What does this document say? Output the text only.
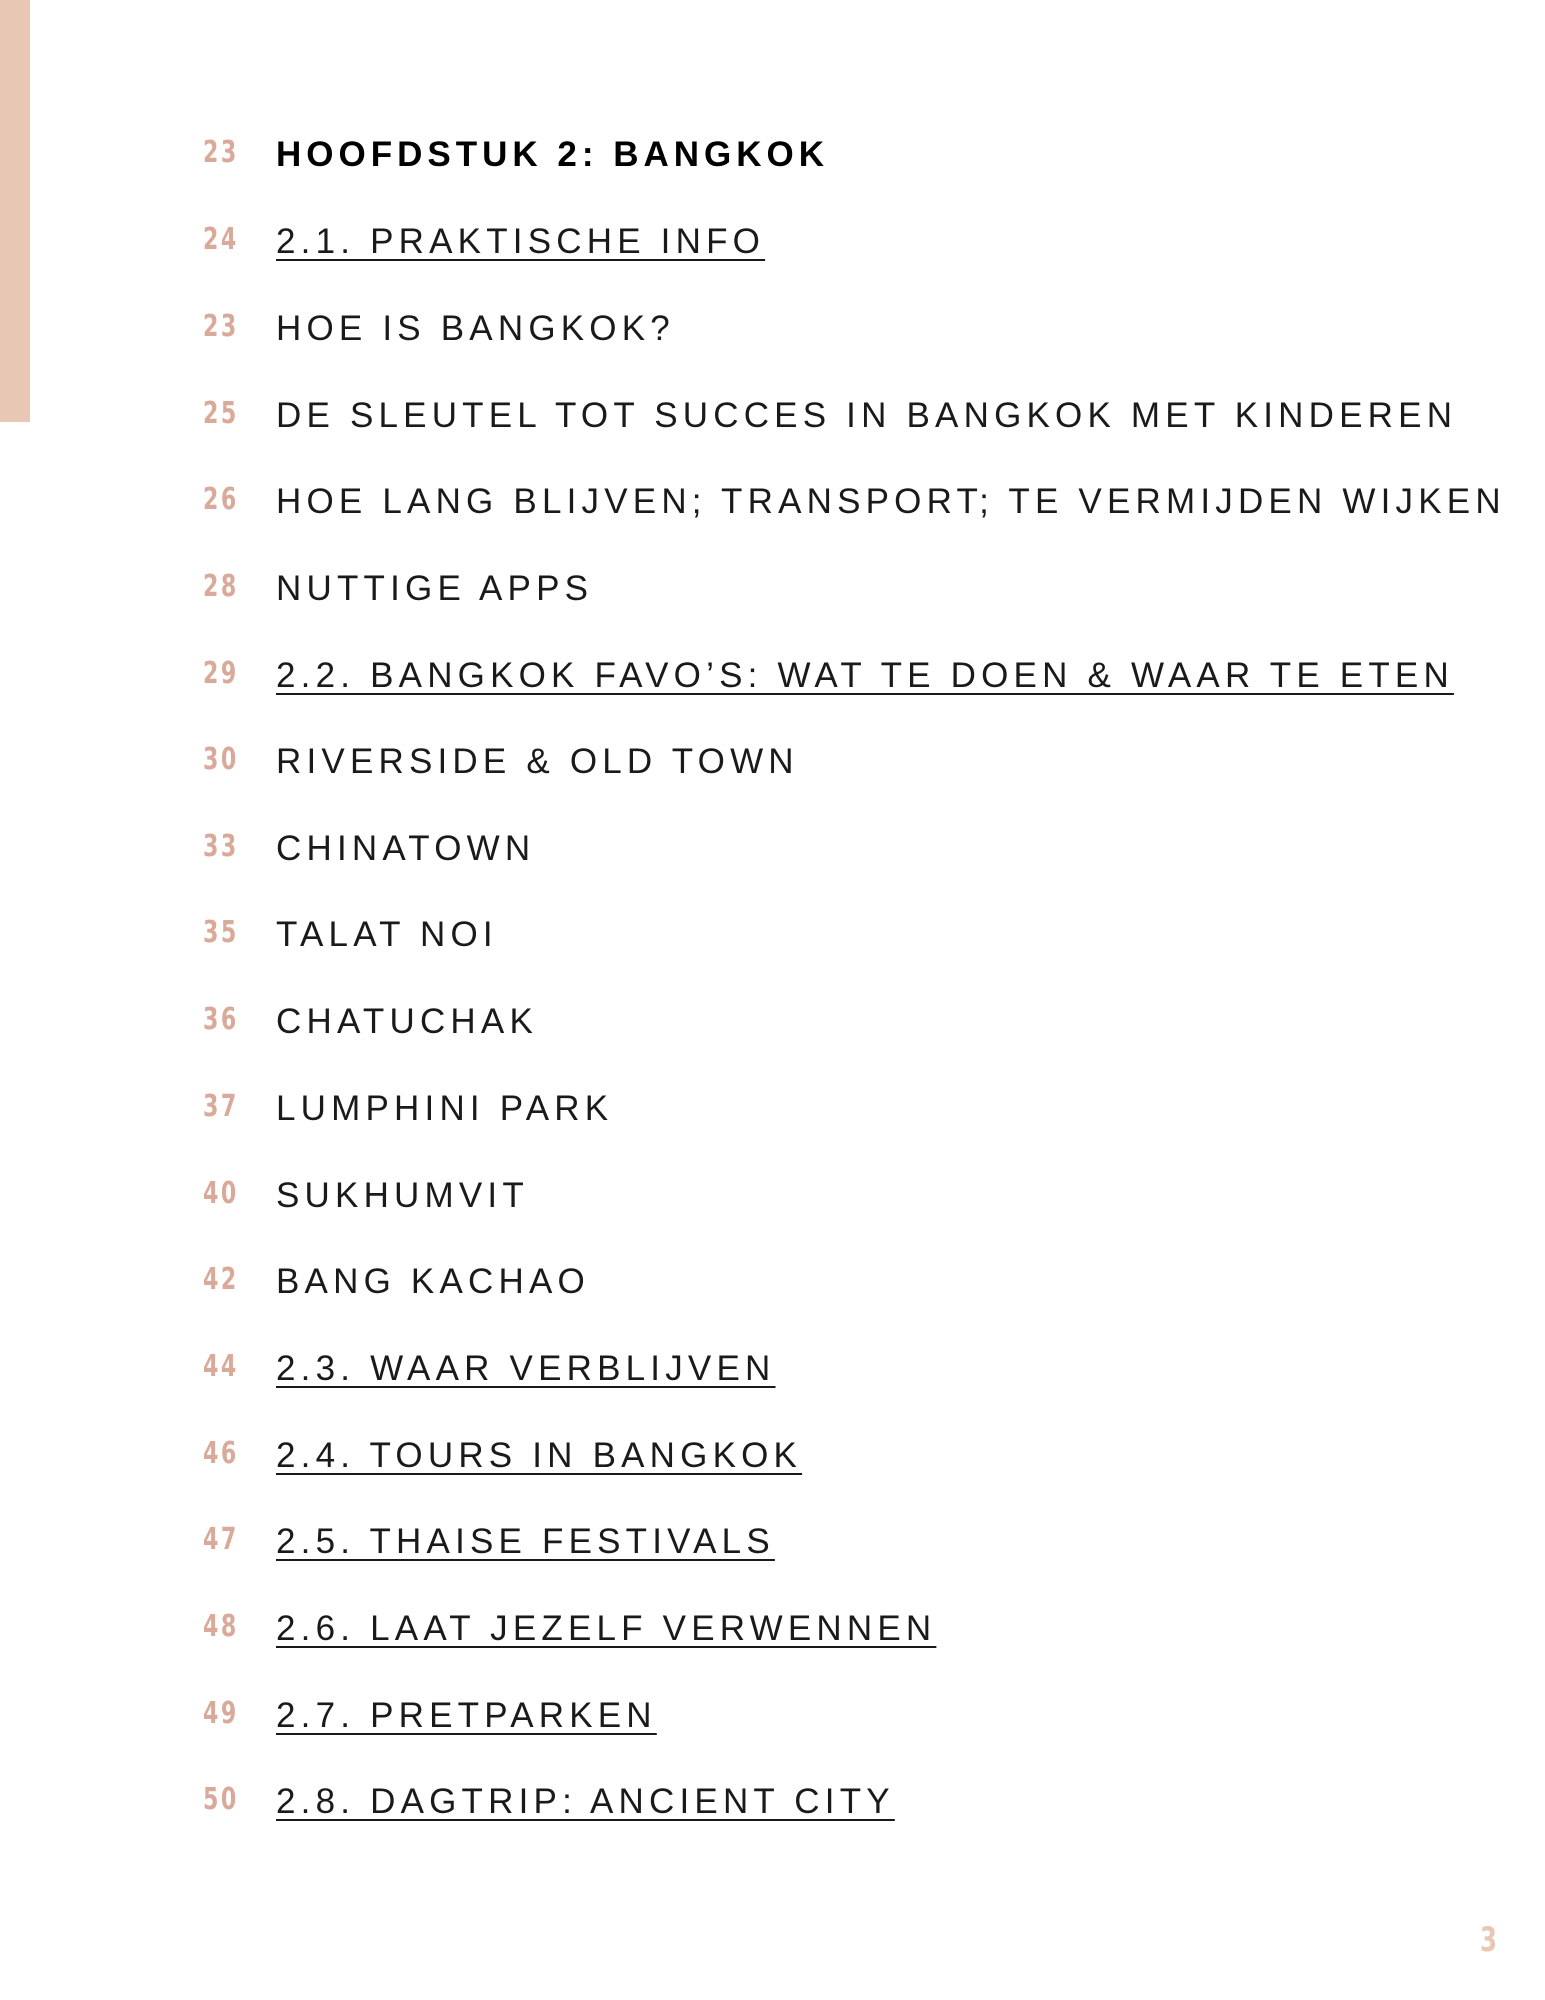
23	HOOFDSTUK 2: BANGKOK
24	2.1. PRAKTISCHE INFO
23	HOE IS BANGKOK?
25	DE SLEUTEL TOT SUCCES IN BANGKOK MET KINDEREN
26	HOE LANG BLIJVEN; TRANSPORT; TE VERMIJDEN WIJKEN
28	NUTTIGE APPS
29	2.2. BANGKOK FAVO’S: WAT TE DOEN & WAAR TE ETEN
30	RIVERSIDE & OLD TOWN
33	CHINATOWN
35	TALAT NOI
36	CHATUCHAK
37	LUMPHINI PARK
40	SUKHUMVIT
42	BANG KACHAO
44	2.3. WAAR VERBLIJVEN
46	2.4. TOURS IN BANGKOK
47	2.5. THAISE FESTIVALS
48	2.6. LAAT JEZELF VERWENNEN
49	2.7. PRETPARKEN
50	2.8. DAGTRIP: ANCIENT CITY
3
